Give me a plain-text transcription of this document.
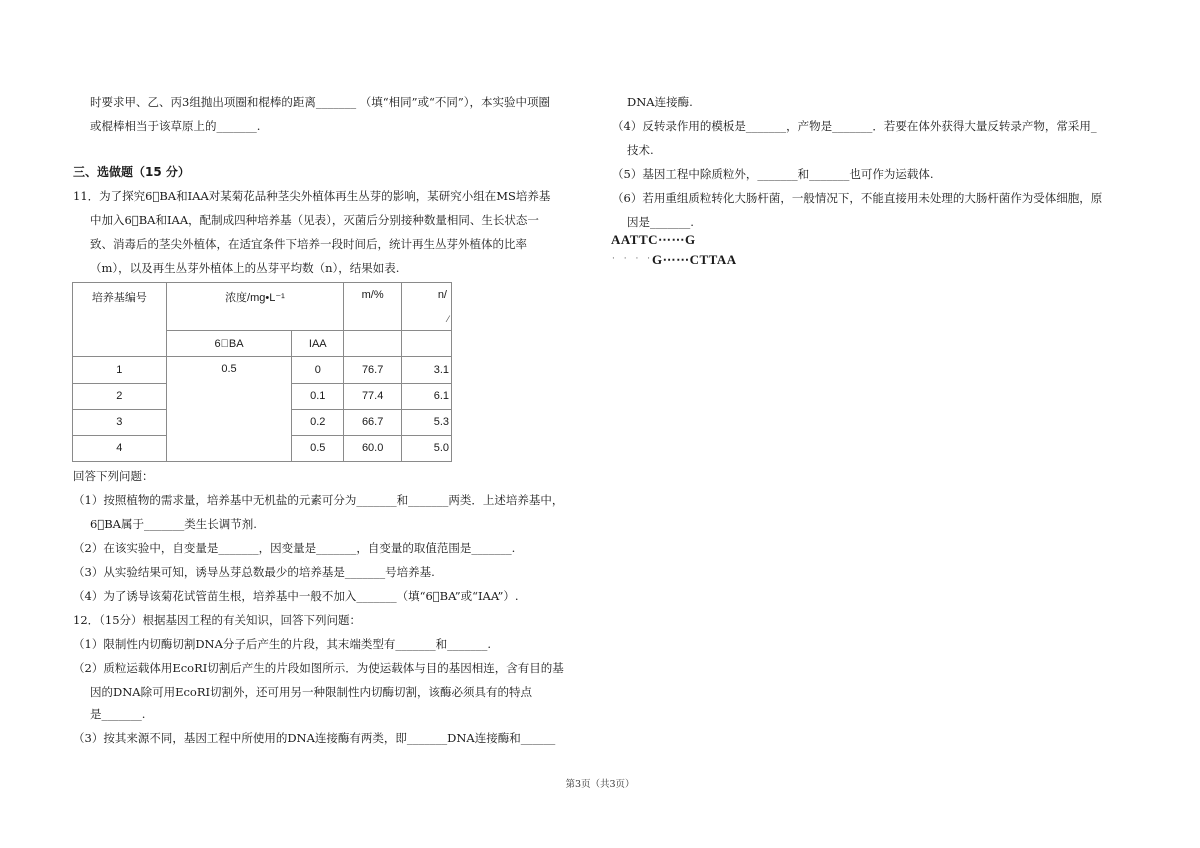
时要求甲、乙、丙3组抛出项圈和棍棒的距离_______ （填“相同”或“不同”），本实验中项圈
或棍棒相当于该草原上的_______.
三、选做题（15 分）
11．为了探究6􏰀BA和IAA对某菊花品种茎尖外植体再生丛芽的影响，某研究小组在MS培养基
中加入6􏰀BA和IAA，配制成四种培养基（见表），灭菌后分别接种数量相同、生长状态一
致、消毒后的茎尖外植体，在适宜条件下培养一段时间后，统计再生丛芽外植体的比率
（m），以及再生丛芽外植体上的丛芽平均数（n），结果如表.
培养基编号	浓度/mg•L⁻¹		m/%	n/
⁄

	6􏰀BA	IAA		
1	0.5	0	76.7	3.1
2		0.1	77.4	6.1
3		0.2	66.7	5.3
4		0.5	60.0	5.0
回答下列问题：
（1）按照植物的需求量，培养基中无机盐的元素可分为_______和_______两类．上述培养基中，
6􏰀BA属于_______类生长调节剂.
（2）在该实验中，自变量是_______，因变量是_______，自变量的取值范围是_______.
（3）从实验结果可知，诱导丛芽总数最少的培养基是_______号培养基.
（4）为了诱导该菊花试管苗生根，培养基中一般不加入_______（填“6􏰀BA”或“IAA”）.
12．（15分）根据基因工程的有关知识，回答下列问题：
（1）限制性内切酶切割DNA分子后产生的片段，其末端类型有_______和_______.
（2）质粒运载体用EcoRI切割后产生的片段如图所示．为使运载体与目的基因相连，含有目的基
因的DNA除可用EcoRI切割外，还可用另一种限制性内切酶切割，该酶必须具有的特点
是_______.
（3）按其来源不同，基因工程中所使用的DNA连接酶有两类，即_______DNA连接酶和______
DNA连接酶.
（4）反转录作用的模板是_______，产物是_______．若要在体外获得大量反转录产物，常采用_
技术.
（5）基因工程中除质粒外，_______和_______也可作为运载体.
（6）若用重组质粒转化大肠杆菌，一般情况下，不能直接用未处理的大肠杆菌作为受体细胞，原
因是_______.
AATTC⋯⋯G
· · · ·
G⋯⋯CTTAA
第3页（共3页）
